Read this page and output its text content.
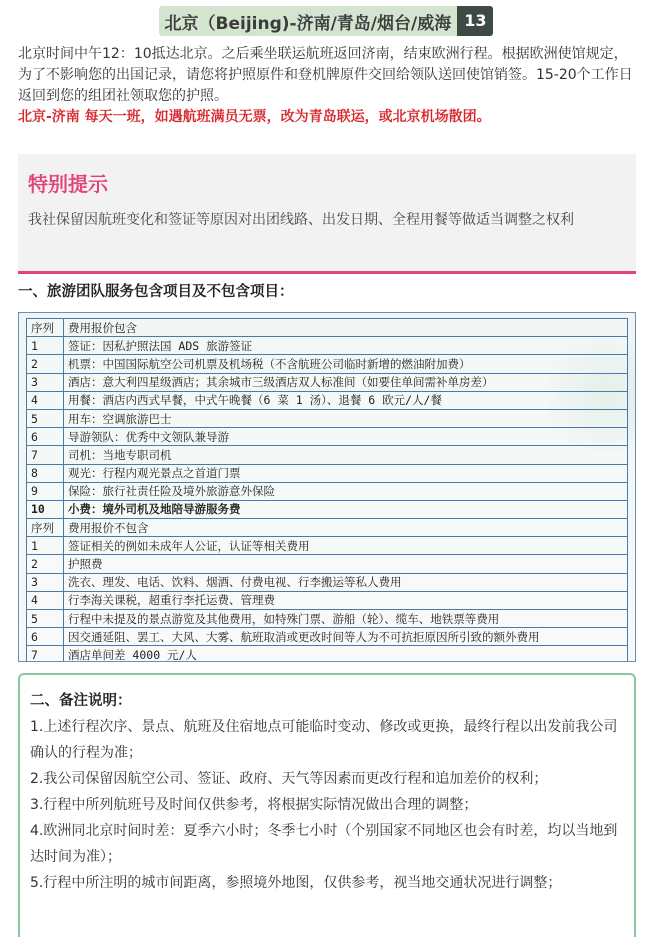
北京（Beijing)-济南/青岛/烟台/威海 13

北京时间中午12：10抵达北京。之后乘坐联运航班返回济南，结束欧洲行程。根据欧洲使馆规定，为了不影响您的出国记录，请您将护照原件和登机牌原件交回给领队送回使馆销签。15-20个工作日返回到您的组团社领取您的护照。

北京-济南 每天一班，如遇航班满员无票，改为青岛联运，或北京机场散团。

特别提示
我社保留因航班变化和签证等原因对出团线路、出发日期、全程用餐等做适当调整之权利
一、旅游团队服务包含项目及不包含项目：
序列	费用报价包含
1	签证：因私护照法国 ADS 旅游签证
2	机票：中国国际航空公司机票及机场税（不含航班公司临时新增的燃油附加费）
3	酒店：意大利四星级酒店；其余城市三级酒店双人标准间（如要住单间需补单房差）
4	用餐：酒店内西式早餐，中式午晚餐（6 菜 1 汤）、退餐 6 欧元/人/餐
5	用车：空调旅游巴士
6	导游领队：优秀中文领队兼导游
7	司机：当地专职司机
8	观光：行程内观光景点之首道门票
9	保险：旅行社责任险及境外旅游意外保险
10	小费：境外司机及地陪导游服务费
序列	费用报价不包含
1	签证相关的例如未成年人公证，认证等相关费用
2	护照费
3	洗衣、理发、电话、饮料、烟酒、付费电视、行李搬运等私人费用
4	行李海关课税，超重行李托运费、管理费
5	行程中未提及的景点游览及其他费用，如特殊门票、游船（轮）、缆车、地铁票等费用
6	因交通延阻、罢工、大风、大雾、航班取消或更改时间等人为不可抗拒原因所引致的额外费用
7	酒店单间差 4000 元/人
二、备注说明：
1.上述行程次序、景点、航班及住宿地点可能临时变动、修改或更换，最终行程以出发前我公司确认的行程为准；
2.我公司保留因航空公司、签证、政府、天气等因素而更改行程和追加差价的权利；
3.行程中所列航班号及时间仅供参考，将根据实际情况做出合理的调整；
4.欧洲同北京时间时差：夏季六小时；冬季七小时（个别国家不同地区也会有时差，均以当地到达时间为准）；
5.行程中所注明的城市间距离，参照境外地图，仅供参考，视当地交通状况进行调整；
